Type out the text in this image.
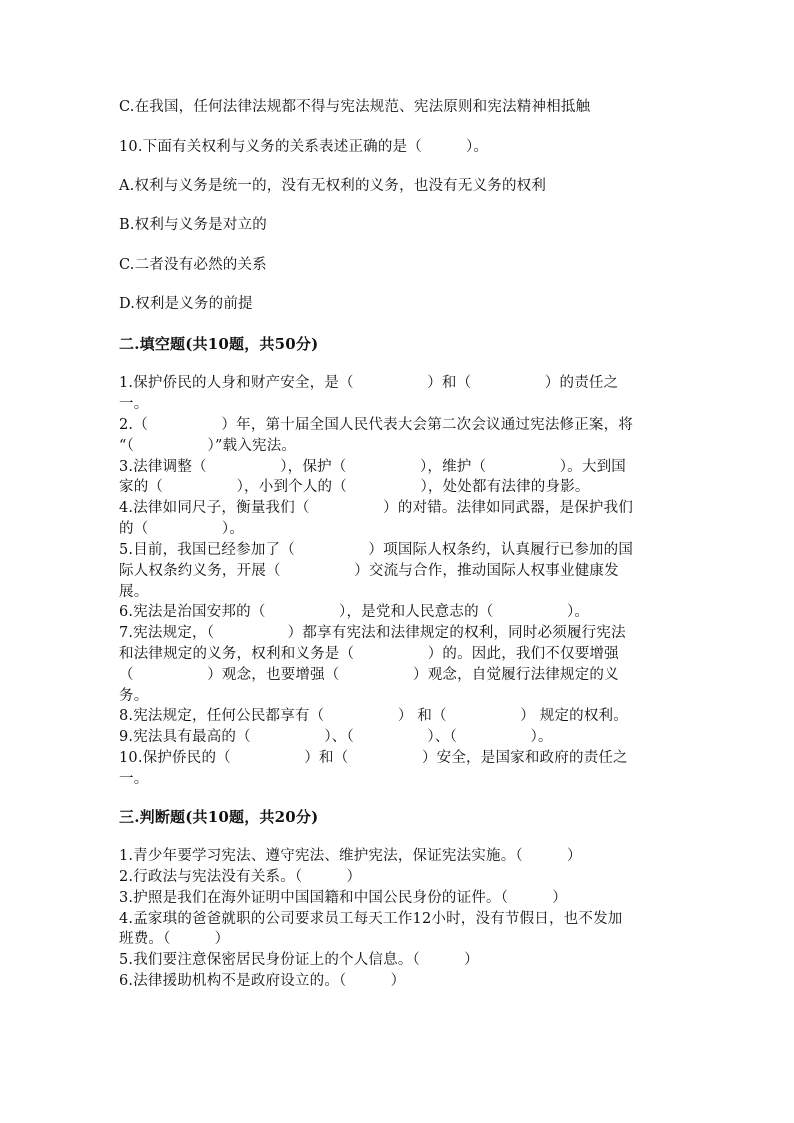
C.在我国，任何法律法规都不得与宪法规范、宪法原则和宪法精神相抵触
10.下面有关权利与义务的关系表述正确的是（　　　）。
A.权利与义务是统一的，没有无权利的义务，也没有无义务的权利
B.权利与义务是对立的
C.二者没有必然的关系
D.权利是义务的前提
二.填空题(共10题，共50分)
1.保护侨民的人身和财产安全，是（　　　　　）和（　　　　　）的责任之
一。
2.（　　　　　）年，第十届全国人民代表大会第二次会议通过宪法修正案，将
“（　　　　　）”载入宪法。
3.法律调整（　　　　　），保护（　　　　　），维护（　　　　　）。大到国
家的（　　　　　），小到个人的（　　　　　），处处都有法律的身影。
4.法律如同尺子，衡量我们（　　　　　）的对错。法律如同武器，是保护我们
的（　　　　　）。
5.目前，我国已经参加了（　　　　　）项国际人权条约，认真履行已参加的国
际人权条约义务，开展（　　　　　）交流与合作，推动国际人权事业健康发
展。
6.宪法是治国安邦的（　　　　　），是党和人民意志的（　　　　　）。
7.宪法规定，（　　　　　）都享有宪法和法律规定的权利，同时必须履行宪法
和法律规定的义务，权利和义务是（　　　　　）的。因此，我们不仅要增强
（　　　　　）观念，也要增强（　　　　　）观念，自觉履行法律规定的义
务。
8.宪法规定，任何公民都享有（　　　　　） 和（　　　　　） 规定的权利。
9.宪法具有最高的（　　　　　）、（　　　　　）、（　　　　　）。
10.保护侨民的（　　　　　）和（　　　　　）安全，是国家和政府的责任之
一。
三.判断题(共10题，共20分)
1.青少年要学习宪法、遵守宪法、维护宪法，保证宪法实施。（　　　）
2.行政法与宪法没有关系。（　　　）
3.护照是我们在海外证明中国国籍和中国公民身份的证件。（　　　）
4.孟家琪的爸爸就职的公司要求员工每天工作12小时，没有节假日，也不发加
班费。（　　　）
5.我们要注意保密居民身份证上的个人信息。（　　　）
6.法律援助机构不是政府设立的。（　　　）
